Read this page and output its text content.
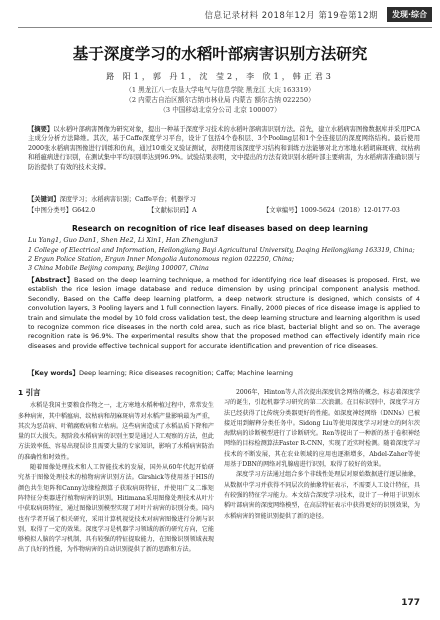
信息记录材料 2018年12月 第19卷第12期	发现·综合
基于深度学习的水稻叶部病害识别方法研究
路 阳1，郭 丹1，沈 莹2，李 欣1，韩正君3
（1 黑龙江八一农垦大学电气与信息学院 黑龙江 大庆 163319）
（2 内蒙古自治区额尔古纳市林业局 内蒙古 额尔古纳 022250）
（3 中国移动北京分公司 北京 100007）
【摘要】以水稻叶部病害图像为研究对象，提出一种基于深度学习技术的水稻叶部病害识别方法。首先，建立水稻病害图像数据库并采用PCA主成分分析方法降维。其次，基于Caffe深度学习平台，设计了包括4个卷积层、3个Pooling层和1个全连接层的深度网络结构。最后使用2000张水稻病害图像进行训练和仿真，通过10重交叉验证测试，表明使用该深度学习结构和训练方法能够对北方寒地水稻胡麻斑病、纹枯病和稻瘟病进行识别，在测试集中平均识别率达到96.9%。试验结果表明，文中提出的方法有效识别水稻叶部主要病害，为水稻病害准确识别与防治提供了有效的技术支撑。
【关键词】深度学习；水稻病害识别；Caffe平台；机器学习
【中图分类号】G642.0	【文献标识码】A	【文章编号】1009-5624（2018）12-0177-03
Research on recognition of rice leaf diseases based on deep learning
Lu Yang1, Guo Dan1, Shen He2, Li Xin1, Han Zhengjun3
1 College of Electrical and Information, Heilongjiang Bayi Agricultural University, Daqing Heilongjiang 163319, China;
2 Ergun Police Station, Ergun Inner Mongolia Autonomous region 022250, China;
3 China Mobile Beijing company, Beijing 100007, China
【Abstract】Based on the deep learning technique, a method for identifying rice leaf diseases is proposed. First, we establish the rice lesion image database and reduce dimension by using principal component analysis method. Secondly, Based on the Caffe deep learning platform, a deep network structure is designed, which consists of 4 convolution layers, 3 Pooling layers and 1 full connection layers. Finally, 2000 pieces of rice disease image is applied to train and simulate the model by 10 fold cross validation test, the deep learning structure and learning algorithm is used to recognize common rice diseases in the north cold area, such as rice blast, bacterial blight and so on. The average recognition rate is 96.9%. The experimental results show that the proposed method can effectively identify main rice diseases and provide effective technical support for accurate identification and prevention of rice diseases.
【Key words】Deep learning; Rice diseases recognition; Caffe; Machine learning
1 引言

水稻是我国主要粮食作物之一，北方寒地水稻种植过程中，常常发生多种病害，其中稻瘟病、纹枯病和胡麻斑病等对水稻产量影响最为严重，其次为恶苗病、叶鞘腐败病和立枯病。这些病害造成了水稻品质下降和产量的巨大损失。现阶段水稻病害的识别主要是通过人工观察的方法，但此方法效率低、容易出现误诊且需要大量的专家知识，影响了水稻病害防治的准确性和时效性。

随着图像处理技术和人工智能技术的发展，国外从60年代起开始研究基于图像处理技术的植物病害识别方法。Girshick等使用基于HIS的颜色共生矩阵和Canny边缘检测算子获取病斑特征，并使用广义二维矩阵特征分类器进行植物病害的识别。Hitimana采用图像处理技术从叶片中获取病斑特征，通过图像识别模型实现了对叶片病害的识别分类。国内也有学者开展了相关研究，采用计算机视觉技术对病害图像进行分割与识别，取得了一定的效果。深度学习是机器学习领域的新的研究方向，它能够模拟人脑的学习机制，具有较强的特征提取能力，在图像识别领域表现出了良好的性能，为作物病害的自动识别提供了新的思路和方法。

2006年，Hinton等人首次提出深度信念网络的概念，标志着深度学习的诞生，引起机器学习研究的第二次浪潮。在目标识别中，深度学习方法已经获得了比传统分类器更好的性能。如深度神经网络（DNNs）已被接近用到解释分类任务中。Sidong Liu等使用深度学习对建立的阿尔茨海默病的诊断模型进行了诊断研究。Ren等提出了一种新的基于卷积神经网络的目标检测算法Faster R-CNN，实现了近实时检测。随着深度学习技术的不断发展，其在农业领域的应用也逐渐增多，Abdel-Zaher等使用基于DBN的网络对乳腺癌进行识别，取得了较好的效果。

深度学习方法通过组合多个非线性处理层对原始数据进行逐层抽象，从数据中学习并获得不同层次的抽象特征表示，不需要人工设计特征，具有较强的特征学习能力。本文结合深度学习技术，设计了一种用于识别水稻叶部病害的深度网络模型，在高层特征表示中获得更好的识别效果，为水稻病害的智能识别提供了新的途径。

177
